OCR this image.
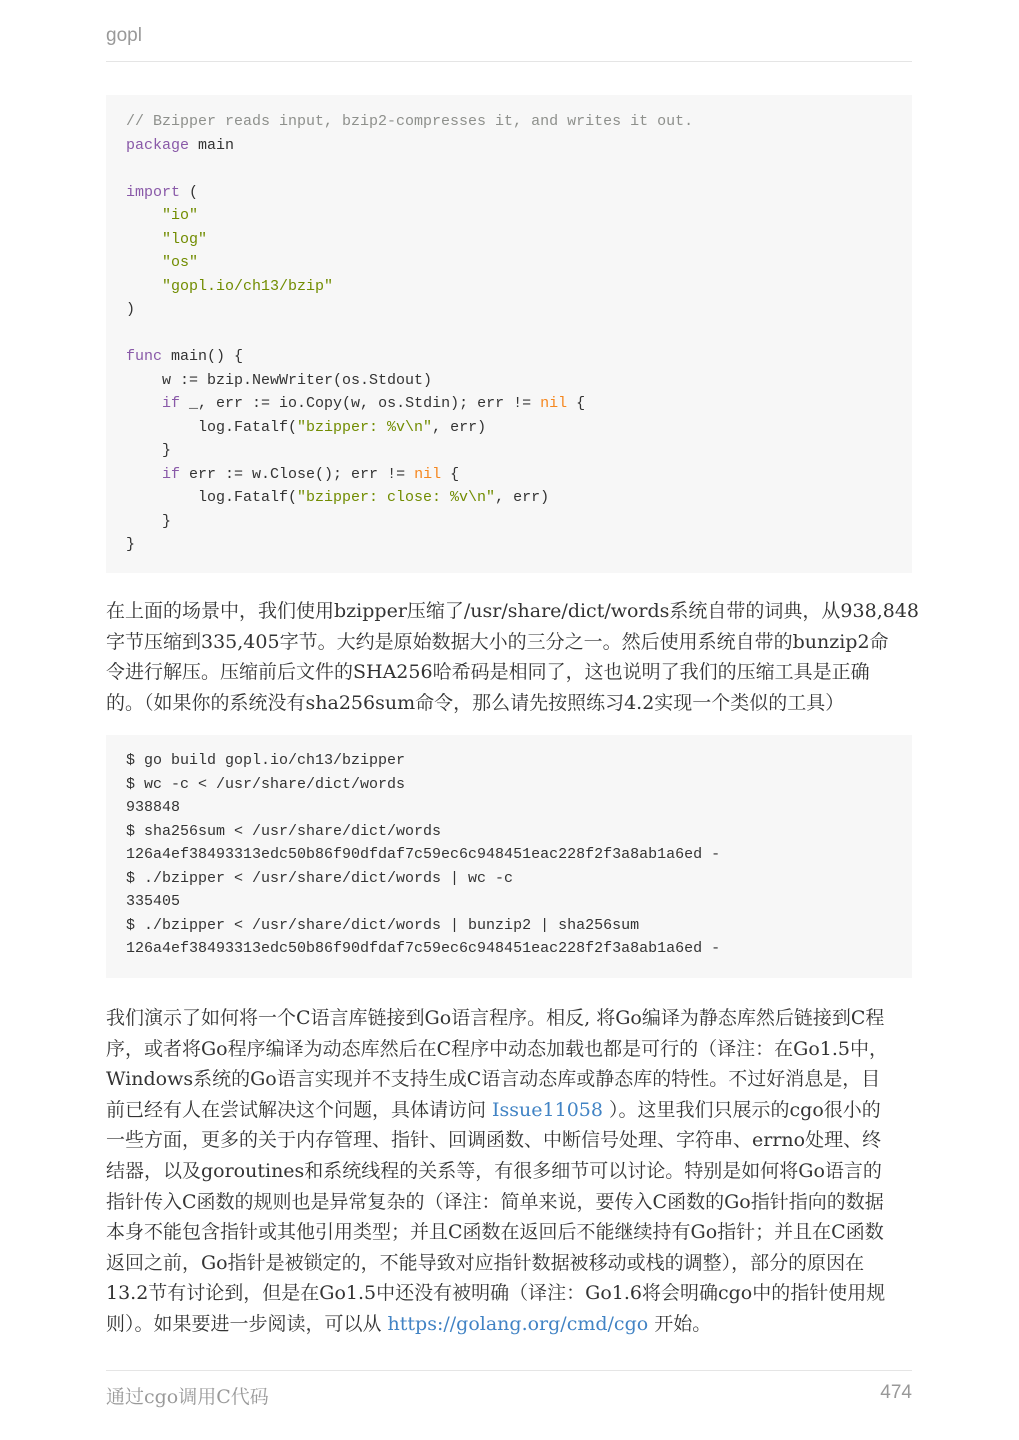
gopl
// Bzipper reads input, bzip2-compresses it, and writes it out.
package main

import (
"io"
"log"
"os"
"gopl.io/ch13/bzip"
)

func main() {
w := bzip.NewWriter(os.Stdout)
if _, err := io.Copy(w, os.Stdin); err != nil {
log.Fatalf("bzipper: %v\n", err)
}
if err := w.Close(); err != nil {
log.Fatalf("bzipper: close: %v\n", err)
}
}
在上面的场景中，我们使用bzipper压缩了/usr/share/dict/words系统自带的词典，从938,848
字节压缩到335,405字节。大约是原始数据大小的三分之一。然后使用系统自带的bunzip2命
令进行解压。压缩前后文件的SHA256哈希码是相同了，这也说明了我们的压缩工具是正确
的。（如果你的系统没有sha256sum命令，那么请先按照练习4.2实现一个类似的工具）
$ go build gopl.io/ch13/bzipper
$ wc -c < /usr/share/dict/words
938848
$ sha256sum < /usr/share/dict/words
126a4ef38493313edc50b86f90dfdaf7c59ec6c948451eac228f2f3a8ab1a6ed -
$ ./bzipper < /usr/share/dict/words | wc -c
335405
$ ./bzipper < /usr/share/dict/words | bunzip2 | sha256sum
126a4ef38493313edc50b86f90dfdaf7c59ec6c948451eac228f2f3a8ab1a6ed -
我们演示了如何将一个C语言库链接到Go语言程序。相反, 将Go编译为静态库然后链接到C程
序，或者将Go程序编译为动态库然后在C程序中动态加载也都是可行的（译注：在Go1.5中，
Windows系统的Go语言实现并不支持生成C语言动态库或静态库的特性。不过好消息是，目
前已经有人在尝试解决这个问题，具体请访问 Issue11058 ）。这里我们只展示的cgo很小的
一些方面，更多的关于内存管理、指针、回调函数、中断信号处理、字符串、errno处理、终
结器，以及goroutines和系统线程的关系等，有很多细节可以讨论。特别是如何将Go语言的
指针传入C函数的规则也是异常复杂的（译注：简单来说，要传入C函数的Go指针指向的数据
本身不能包含指针或其他引用类型；并且C函数在返回后不能继续持有Go指针；并且在C函数
返回之前，Go指针是被锁定的，不能导致对应指针数据被移动或栈的调整），部分的原因在
13.2节有讨论到，但是在Go1.5中还没有被明确（译注：Go1.6将会明确cgo中的指针使用规
则）。如果要进一步阅读，可以从 https://golang.org/cmd/cgo 开始。
通过cgo调用C代码	474
